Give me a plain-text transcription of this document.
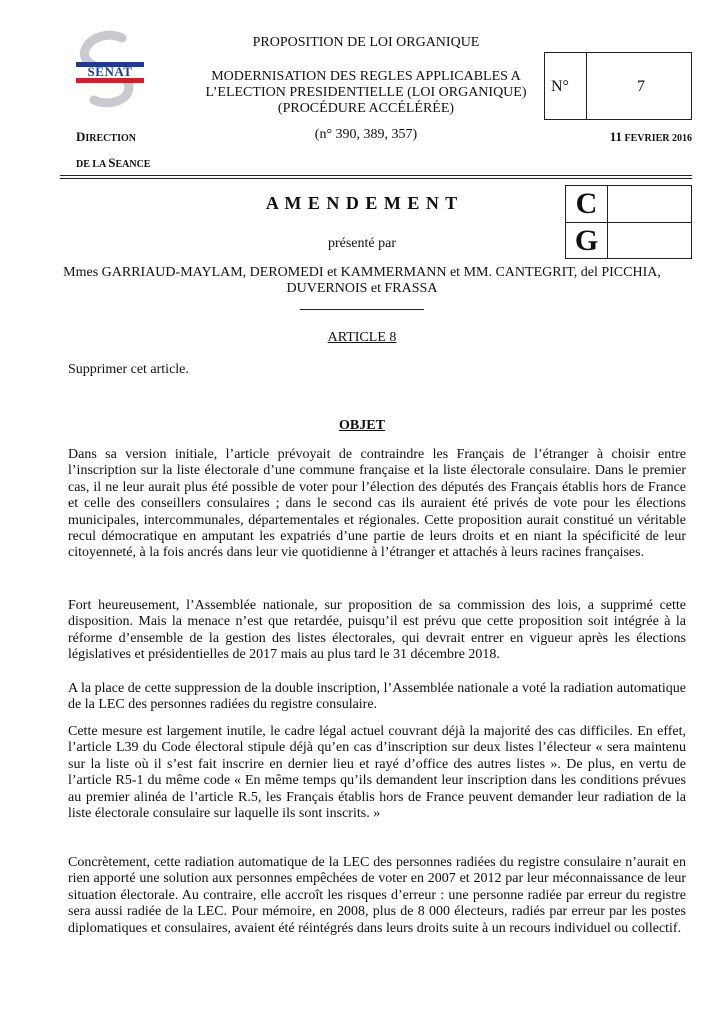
SÉNAT
PROPOSITION DE LOI ORGANIQUE
MODERNISATION DES REGLES APPLICABLES A
L’ELECTION PRESIDENTIELLE (LOI ORGANIQUE)
(PROCÉDURE ACCÉLÉRÉE)
(n° 390, 389, 357)
N°	7
DIRECTION
DE LA SEANCE
11 FEVRIER 2016
A M E N D E M E N T
présenté par
C
G
Mmes GARRIAUD-MAYLAM, DEROMEDI et KAMMERMANN et MM. CANTEGRIT, del PICCHIA,
DUVERNOIS et FRASSA
ARTICLE 8
Supprimer cet article.
OBJET

Dans sa version initiale, l’article prévoyait de contraindre les Français de l’étranger à choisir entre l’inscription sur la liste électorale d’une commune française et la liste électorale consulaire. Dans le premier cas, il ne leur aurait plus été possible de voter pour l’élection des députés des Français établis hors de France et celle des conseillers consulaires ; dans le second cas ils auraient été privés de vote pour les élections municipales, intercommunales, départementales et régionales. Cette proposition aurait constitué un véritable recul démocratique en amputant les expatriés d’une partie de leurs droits et en niant la spécificité de leur citoyenneté, à la fois ancrés dans leur vie quotidienne à l’étranger et attachés à leurs racines françaises.

Fort heureusement, l’Assemblée nationale, sur proposition de sa commission des lois, a supprimé cette disposition. Mais la menace n’est que retardée, puisqu’il est prévu que cette proposition soit intégrée à la réforme d’ensemble de la gestion des listes électorales, qui devrait entrer en vigueur après les élections législatives et présidentielles de 2017 mais au plus tard le 31 décembre 2018.

A la place de cette suppression de la double inscription, l’Assemblée nationale a voté la radiation automatique de la LEC des personnes radiées du registre consulaire.

Cette mesure est largement inutile, le cadre légal actuel couvrant déjà la majorité des cas difficiles. En effet, l’article L39 du Code électoral stipule déjà qu’en cas d’inscription sur deux listes l’électeur « sera maintenu sur la liste où il s’est fait inscrire en dernier lieu et rayé d’office des autres listes ». De plus, en vertu de l’article R5-1 du même code « En même temps qu’ils demandent leur inscription dans les conditions prévues au premier alinéa de l’article R.5, les Français établis hors de France peuvent demander leur radiation de la liste électorale consulaire sur laquelle ils sont inscrits. »

Concrètement, cette radiation automatique de la LEC des personnes radiées du registre consulaire n’aurait en rien apporté une solution aux personnes empêchées de voter en 2007 et 2012 par leur méconnaissance de leur situation électorale. Au contraire, elle accroît les risques d’erreur : une personne radiée par erreur du registre sera aussi radiée de la LEC. Pour mémoire, en 2008, plus de 8 000 électeurs, radiés par erreur par les postes diplomatiques et consulaires, avaient été réintégrés dans leurs droits suite à un recours individuel ou collectif.
